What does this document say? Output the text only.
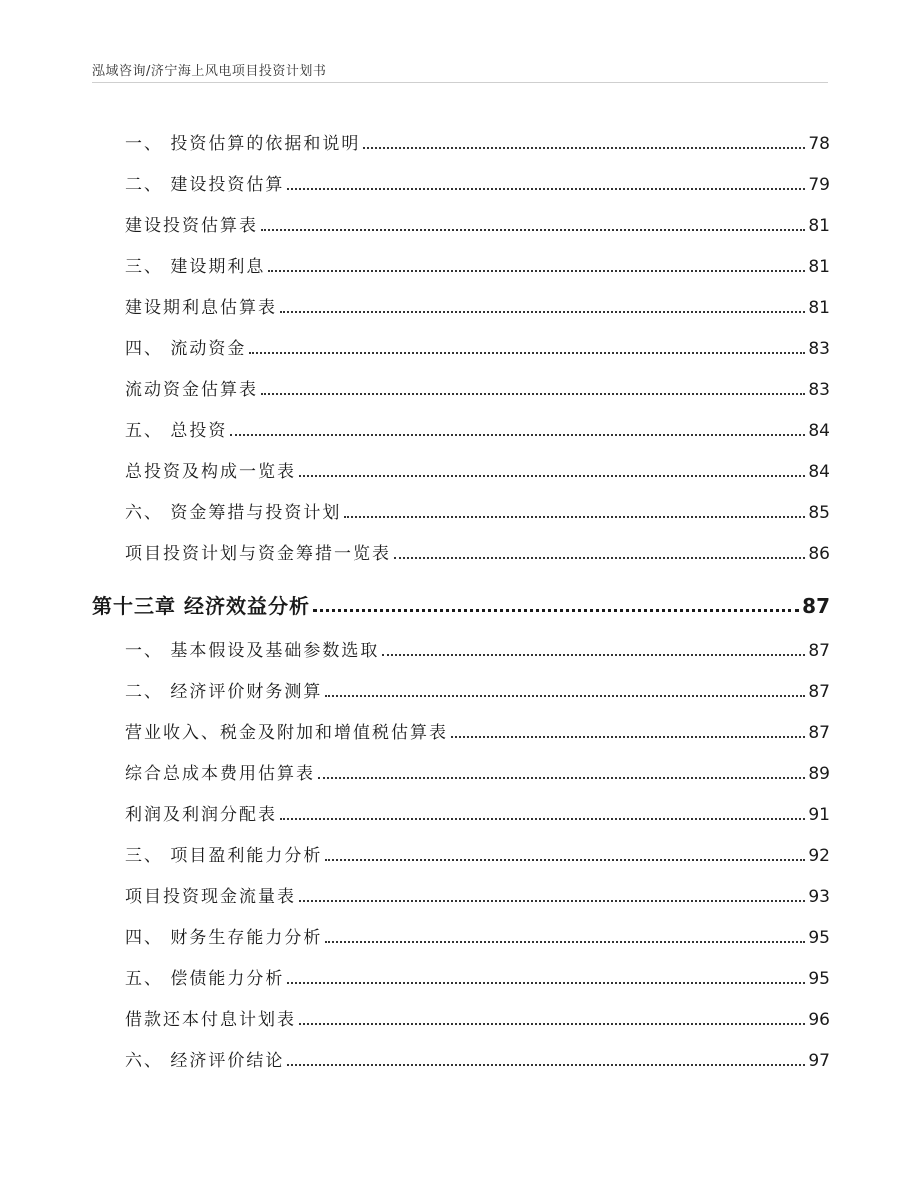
泓域咨询/济宁海上风电项目投资计划书
一、 投资估算的依据和说明	78
二、 建设投资估算	79
建设投资估算表	81
三、 建设期利息	81
建设期利息估算表	81
四、 流动资金	83
流动资金估算表	83
五、 总投资	84
总投资及构成一览表	84
六、 资金筹措与投资计划	85
项目投资计划与资金筹措一览表	86
第十三章 经济效益分析	87
一、 基本假设及基础参数选取	87
二、 经济评价财务测算	87
营业收入、税金及附加和增值税估算表	87
综合总成本费用估算表	89
利润及利润分配表	91
三、 项目盈利能力分析	92
项目投资现金流量表	93
四、 财务生存能力分析	95
五、 偿债能力分析	95
借款还本付息计划表	96
六、 经济评价结论	97
